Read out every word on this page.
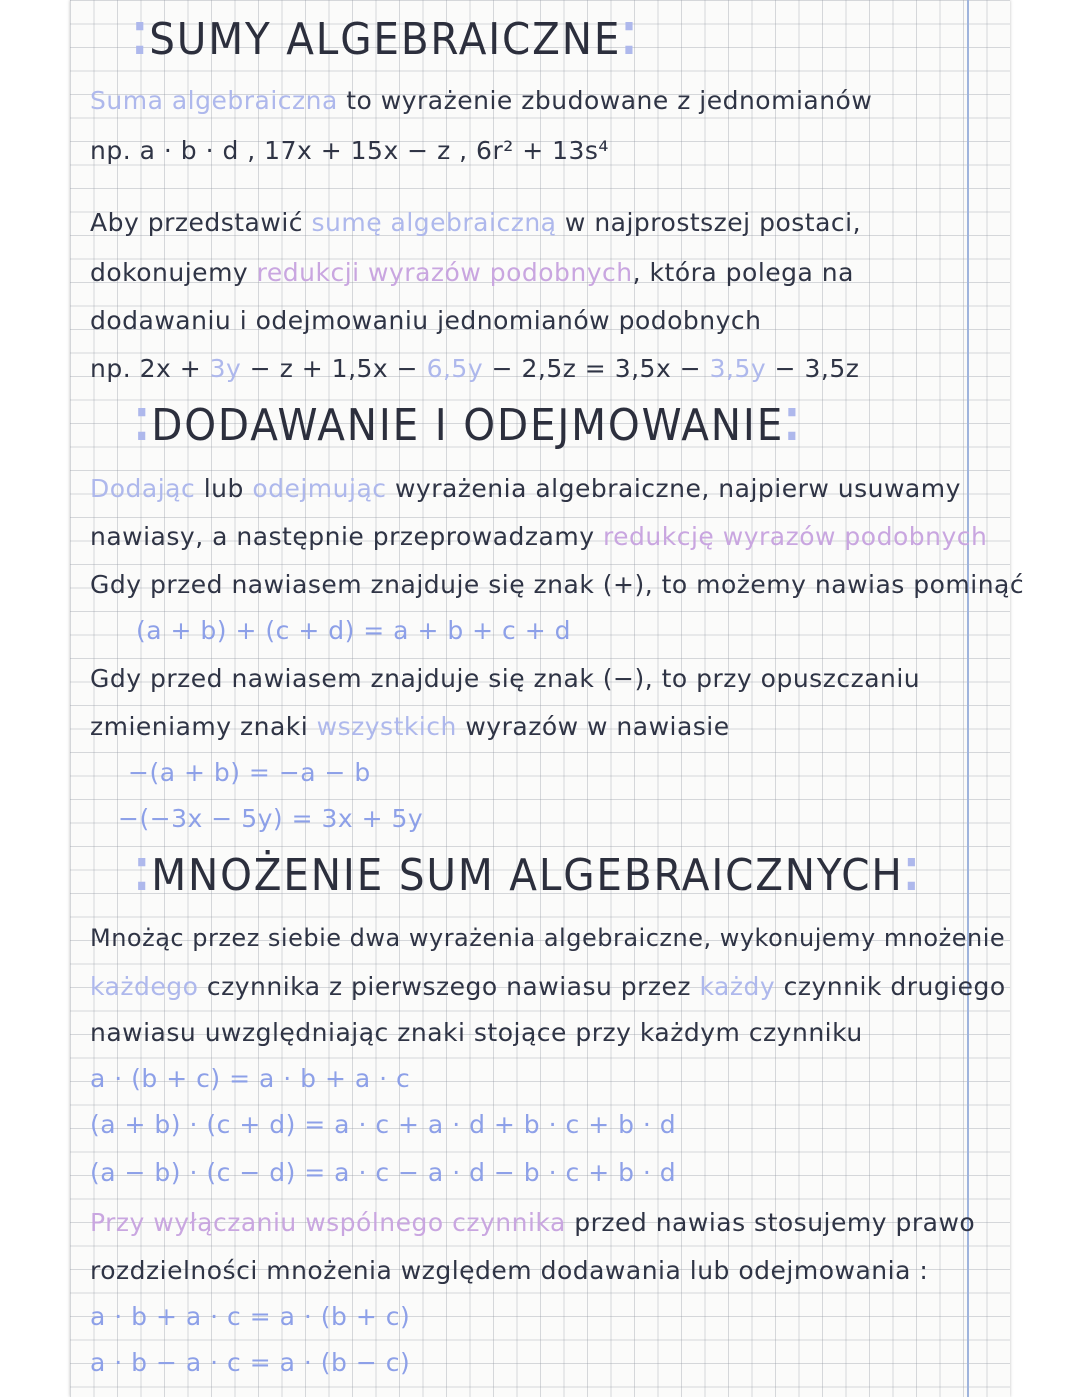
⁚SUMY ALGEBRAICZNE⁚
Suma algebraiczna to wyrażenie zbudowane z jednomianów
np. a · b · d , 17x + 15x − z , 6r² + 13s⁴
Aby przedstawić sumę algebraiczną w najprostszej postaci,
dokonujemy redukcji wyrazów podobnych, która polega na
dodawaniu i odejmowaniu jednomianów podobnych
np. 2x + 3y − z + 1,5x − 6,5y − 2,5z = 3,5x − 3,5y − 3,5z
⁚DODAWANIE I ODEJMOWANIE⁚
Dodając lub odejmując wyrażenia algebraiczne, najpierw usuwamy
nawiasy, a następnie przeprowadzamy redukcję wyrazów podobnych
Gdy przed nawiasem znajduje się znak (+), to możemy nawias pominąć
(a + b) + (c + d) = a + b + c + d
Gdy przed nawiasem znajduje się znak (−), to przy opuszczaniu
zmieniamy znaki wszystkich wyrazów w nawiasie
−(a + b) = −a − b
−(−3x − 5y) = 3x + 5y
⁚MNOŻENIE SUM ALGEBRAICZNYCH⁚
Mnożąc przez siebie dwa wyrażenia algebraiczne, wykonujemy mnożenie
każdego czynnika z pierwszego nawiasu przez każdy czynnik drugiego
nawiasu uwzględniając znaki stojące przy każdym czynniku
a · (b + c) = a · b + a · c
(a + b) · (c + d) = a · c + a · d + b · c + b · d
(a − b) · (c − d) = a · c − a · d − b · c + b · d
Przy wyłączaniu wspólnego czynnika przed nawias stosujemy prawo
rozdzielności mnożenia względem dodawania lub odejmowania :
a · b + a · c = a · (b + c)
a · b − a · c = a · (b − c)
